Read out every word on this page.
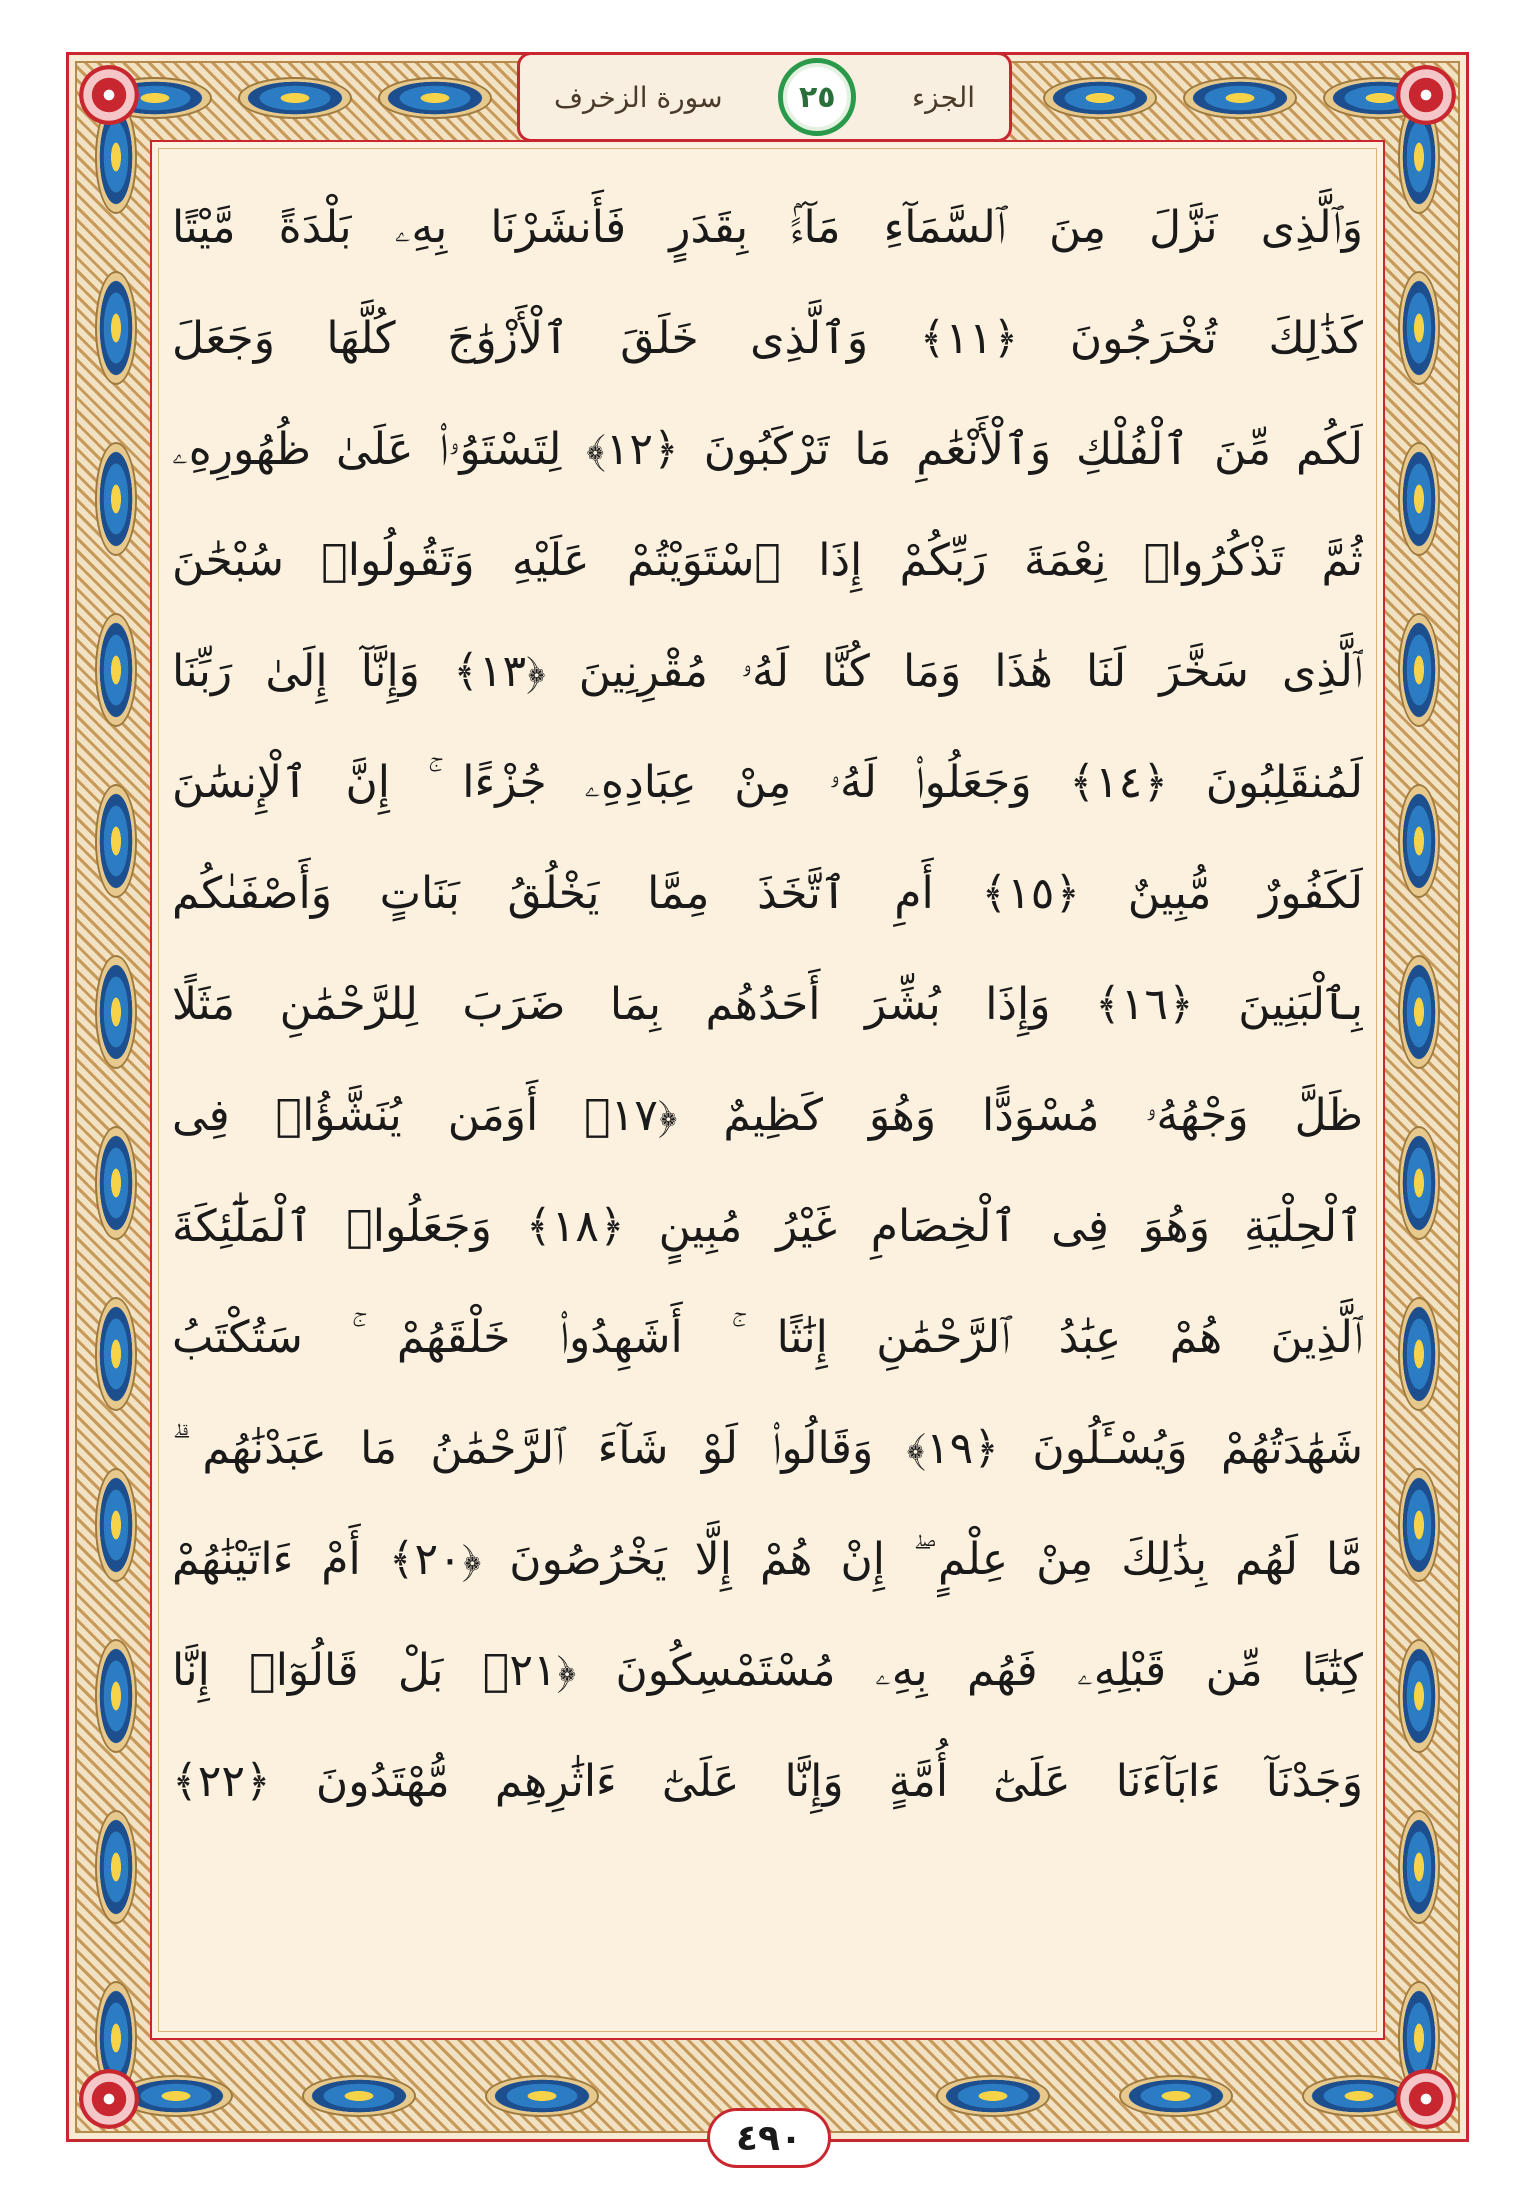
سورة الزخرف	٢٥	الجزء
وَٱلَّذِى نَزَّلَ مِنَ ٱلسَّمَآءِ مَآءًۢ بِقَدَرٍ فَأَنشَرْنَا بِهِۦ بَلْدَةً مَّيْتًا
كَذَٰلِكَ تُخْرَجُونَ ﴿١١﴾ وَٱلَّذِى خَلَقَ ٱلْأَزْوَٰجَ كُلَّهَا وَجَعَلَ
لَكُم مِّنَ ٱلْفُلْكِ وَٱلْأَنْعَٰمِ مَا تَرْكَبُونَ ﴿١٢﴾ لِتَسْتَوُۥا۟ عَلَىٰ ظُهُورِهِۦ
ثُمَّ تَذْكُرُوا۟ نِعْمَةَ رَبِّكُمْ إِذَا ٱسْتَوَيْتُمْ عَلَيْهِ وَتَقُولُوا۟ سُبْحَٰنَ
ٱلَّذِى سَخَّرَ لَنَا هَٰذَا وَمَا كُنَّا لَهُۥ مُقْرِنِينَ ﴿١٣﴾ وَإِنَّآ إِلَىٰ رَبِّنَا
لَمُنقَلِبُونَ ﴿١٤﴾ وَجَعَلُوا۟ لَهُۥ مِنْ عِبَادِهِۦ جُزْءًا ۚ إِنَّ ٱلْإِنسَٰنَ
لَكَفُورٌ مُّبِينٌ ﴿١٥﴾ أَمِ ٱتَّخَذَ مِمَّا يَخْلُقُ بَنَاتٍ وَأَصْفَىٰكُم
بِٱلْبَنِينَ ﴿١٦﴾ وَإِذَا بُشِّرَ أَحَدُهُم بِمَا ضَرَبَ لِلرَّحْمَٰنِ مَثَلًا
ظَلَّ وَجْهُهُۥ مُسْوَدًّا وَهُوَ كَظِيمٌ ﴿١٧﴾ أَوَمَن يُنَشَّؤُا۟ فِى
ٱلْحِلْيَةِ وَهُوَ فِى ٱلْخِصَامِ غَيْرُ مُبِينٍ ﴿١٨﴾ وَجَعَلُوا۟ ٱلْمَلَٰٓئِكَةَ
ٱلَّذِينَ هُمْ عِبَٰدُ ٱلرَّحْمَٰنِ إِنَٰثًا ۚ أَشَهِدُوا۟ خَلْقَهُمْ ۚ سَتُكْتَبُ
شَهَٰدَتُهُمْ وَيُسْـَٔلُونَ ﴿١٩﴾ وَقَالُوا۟ لَوْ شَآءَ ٱلرَّحْمَٰنُ مَا عَبَدْنَٰهُم ۗ
مَّا لَهُم بِذَٰلِكَ مِنْ عِلْمٍ ۖ إِنْ هُمْ إِلَّا يَخْرُصُونَ ﴿٢٠﴾ أَمْ ءَاتَيْنَٰهُمْ
كِتَٰبًا مِّن قَبْلِهِۦ فَهُم بِهِۦ مُسْتَمْسِكُونَ ﴿٢١﴾ بَلْ قَالُوٓا۟ إِنَّا
وَجَدْنَآ ءَابَآءَنَا عَلَىٰٓ أُمَّةٍ وَإِنَّا عَلَىٰٓ ءَاثَٰرِهِم مُّهْتَدُونَ ﴿٢٢﴾
٤٩٠
